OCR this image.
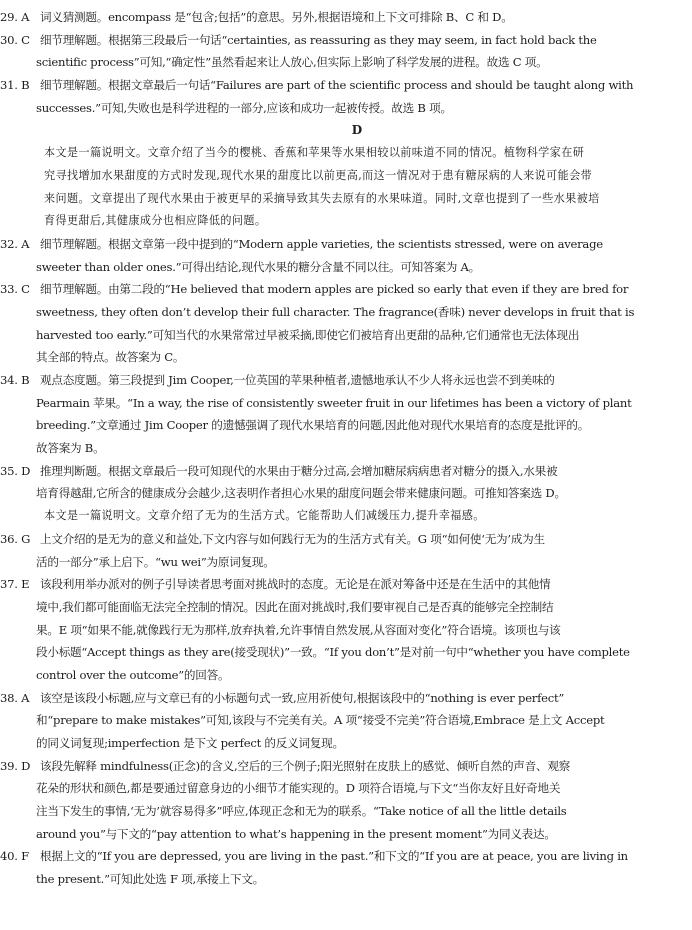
29. A 词义猜测题。encompass 是“包含;包括”的意思。另外,根据语境和上下文可排除 B、C 和 D。
30. C 细节理解题。根据第三段最后一句话“certainties, as reassuring as they may seem, in fact hold back the
scientific process”可知,“确定性”虽然看起来让人放心,但实际上影响了科学发展的进程。故选 C 项。
31. B 细节理解题。根据文章最后一句话“Failures are part of the scientific process and should be taught along with
successes.”可知,失败也是科学进程的一部分,应该和成功一起被传授。故选 B 项。
D
本文是一篇说明文。文章介绍了当今的樱桃、香蕉和苹果等水果相较以前味道不同的情况。植物科学家在研
究寻找增加水果甜度的方式时发现,现代水果的甜度比以前更高,而这一情况对于患有糖尿病的人来说可能会带
来问题。文章提出了现代水果由于被更早的采摘导致其失去原有的水果味道。同时,文章也提到了一些水果被培
育得更甜后,其健康成分也相应降低的问题。
32. A 细节理解题。根据文章第一段中提到的“Modern apple varieties, the scientists stressed, were on average
sweeter than older ones.”可得出结论,现代水果的糖分含量不同以往。可知答案为 A。
33. C 细节理解题。由第二段的“He believed that modern apples are picked so early that even if they are bred for
sweetness, they often don’t develop their full character. The fragrance(香味) never develops in fruit that is
harvested too early.”可知当代的水果常常过早被采摘,即使它们被培育出更甜的品种,它们通常也无法体现出
其全部的特点。故答案为 C。
34. B 观点态度题。第三段提到 Jim Cooper,一位英国的苹果种植者,遗憾地承认不少人将永远也尝不到美味的
Pearmain 苹果。“In a way, the rise of consistently sweeter fruit in our lifetimes has been a victory of plant
breeding.”文章通过 Jim Cooper 的遗憾强调了现代水果培育的问题,因此他对现代水果培育的态度是批评的。
故答案为 B。
35. D 推理判断题。根据文章最后一段可知现代的水果由于糖分过高,会增加糖尿病病患者对糖分的摄入,水果被
培育得越甜,它所含的健康成分会越少,这表明作者担心水果的甜度问题会带来健康问题。可推知答案选 D。
本文是一篇说明文。文章介绍了无为的生活方式。它能帮助人们减缓压力,提升幸福感。
36. G 上文介绍的是无为的意义和益处,下文内容与如何践行无为的生活方式有关。G 项“如何使‘无为’成为生
活的一部分”承上启下。“wu wei”为原词复现。
37. E 该段利用举办派对的例子引导读者思考面对挑战时的态度。无论是在派对筹备中还是在生活中的其他情
境中,我们都可能面临无法完全控制的情况。因此在面对挑战时,我们要审视自己是否真的能够完全控制结
果。E 项“如果不能,就像践行无为那样,放弃执着,允许事情自然发展,从容面对变化”符合语境。该项也与该
段小标题“Accept things as they are(接受现状)”一致。“If you don’t”是对前一句中“whether you have complete
control over the outcome”的回答。
38. A 该空是该段小标题,应与文章已有的小标题句式一致,应用祈使句,根据该段中的“nothing is ever perfect”
和“prepare to make mistakes”可知,该段与不完美有关。A 项“接受不完美”符合语境,Embrace 是上文 Accept
的同义词复现;imperfection 是下文 perfect 的反义词复现。
39. D 该段先解释 mindfulness(正念)的含义,空后的三个例子;阳光照射在皮肤上的感觉、倾听自然的声音、观察
花朵的形状和颜色,都是要通过留意身边的小细节才能实现的。D 项符合语境,与下文“当你友好且好奇地关
注当下发生的事情,‘无为’就容易得多”呼应,体现正念和无为的联系。“Take notice of all the little details
around you”与下文的“pay attention to what’s happening in the present moment”为同义表达。
40. F 根据上文的“If you are depressed, you are living in the past.”和下文的“If you are at peace, you are living in
the present.”可知此处选 F 项,承接上下文。
